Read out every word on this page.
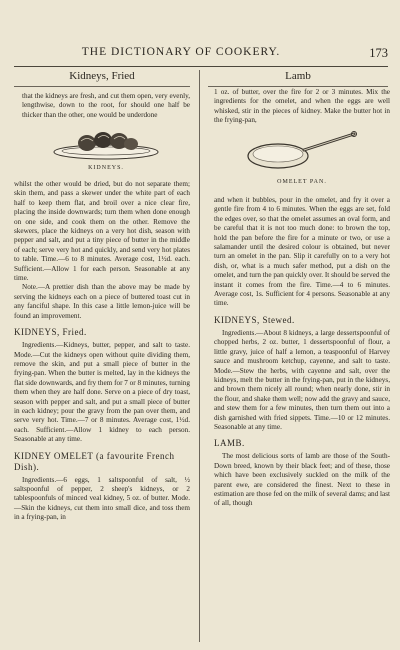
THE DICTIONARY OF COOKERY.	173
Kidneys, Fried	Lamb

that the kidneys are fresh, and cut them open, very evenly, lengthwise, down to the root, for should one half be thicker than the other, one would be underdone

KIDNEYS.

whilst the other would be dried, but do not separate them; skin them, and pass a skewer under the white part of each half to keep them flat, and broil over a nice clear fire, placing the inside downwards; turn them when done enough on one side, and cook them on the other. Remove the skewers, place the kidneys on a very hot dish, season with pepper and salt, and put a tiny piece of butter in the middle of each; serve very hot and quickly, and send very hot plates to table. Time.—6 to 8 minutes. Average cost, 1½d. each. Sufficient.—Allow 1 for each person. Seasonable at any time.

Note.—A prettier dish than the above may be made by serving the kidneys each on a piece of buttered toast cut in any fanciful shape. In this case a little lemon-juice will be found an improvement.

KIDNEYS, Fried.

Ingredients.—Kidneys, butter, pepper, and salt to taste. Mode.—Cut the kidneys open without quite dividing them, remove the skin, and put a small piece of butter in the frying-pan. When the butter is melted, lay in the kidneys the flat side downwards, and fry them for 7 or 8 minutes, turning them when they are half done. Serve on a piece of dry toast, season with pepper and salt, and put a small piece of butter in each kidney; pour the gravy from the pan over them, and serve very hot. Time.—7 or 8 minutes. Average cost, 1½d. each. Sufficient.—Allow 1 kidney to each person. Seasonable at any time.

KIDNEY OMELET (a favourite French Dish).

Ingredients.—6 eggs, 1 saltspoonful of salt, ½ saltspoonful of pepper, 2 sheep's kidneys, or 2 tablespoonfuls of minced veal kidney, 5 oz. of butter. Mode.—Skin the kidneys, cut them into small dice, and toss them in a frying-pan, in

1 oz. of butter, over the fire for 2 or 3 minutes. Mix the ingredients for the omelet, and when the eggs are well whisked, stir in the pieces of kidney. Make the butter hot in the frying-pan,

OMELET PAN.

and when it bubbles, pour in the omelet, and fry it over a gentle fire from 4 to 6 minutes. When the eggs are set, fold the edges over, so that the omelet assumes an oval form, and be careful that it is not too much done: to brown the top, hold the pan before the fire for a minute or two, or use a salamander until the desired colour is obtained, but never turn an omelet in the pan. Slip it carefully on to a very hot dish, or, what is a much safer method, put a dish on the omelet, and turn the pan quickly over. It should be served the instant it comes from the fire. Time.—4 to 6 minutes. Average cost, 1s. Sufficient for 4 persons. Seasonable at any time.

KIDNEYS, Stewed.

Ingredients.—About 8 kidneys, a large dessertspoonful of chopped herbs, 2 oz. butter, 1 dessertspoonful of flour, a little gravy, juice of half a lemon, a teaspoonful of Harvey sauce and mushroom ketchup, cayenne, and salt to taste. Mode.—Stew the herbs, with cayenne and salt, over the kidneys, melt the butter in the frying-pan, put in the kidneys, and brown them nicely all round; when nearly done, stir in the flour, and shake them well; now add the gravy and sauce, and stew them for a few minutes, then turn them out into a dish garnished with fried sippets. Time.—10 or 12 minutes. Seasonable at any time.

LAMB.

The most delicious sorts of lamb are those of the South-Down breed, known by their black feet; and of these, those which have been exclusively suckled on the milk of the parent ewe, are considered the finest. Next to these in estimation are those fed on the milk of several dams; and last of all, though
